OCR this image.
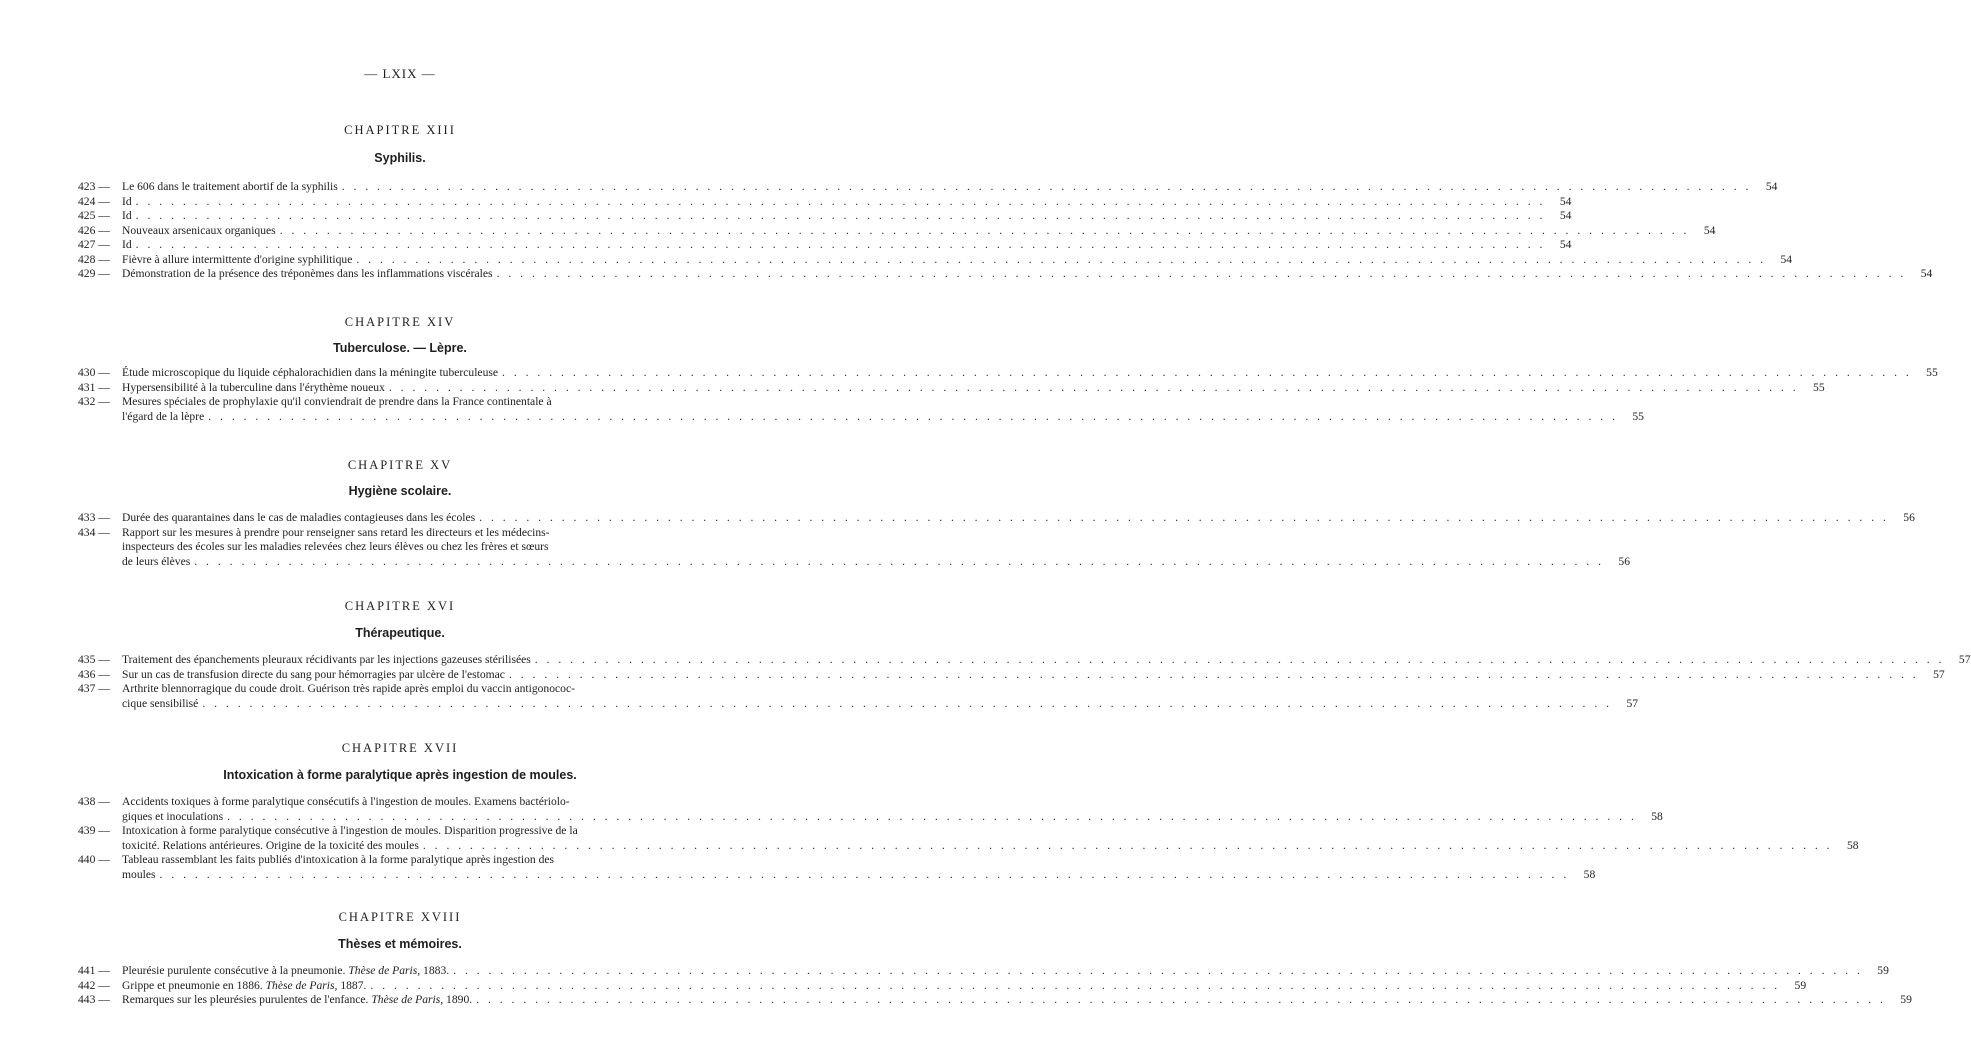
— LXIX —
CHAPITRE XIII
Syphilis.
423 —	Le 606 dans le traitement abortif de la syphilis . . .	54
424 —	Id . . .	54
425 —	Id . . .	54
426 —	Nouveaux arsenicaux organiques . . .	54
427 —	Id . . .	54
428 —	Fièvre à allure intermittente d'origine syphilitique . . .	54
429 —	Démonstration de la présence des tréponèmes dans les inflammations viscérales . . .	54
CHAPITRE XIV
Tuberculose. — Lèpre.
430 —	Étude microscopique du liquide céphalorachidien dans la méningite tuberculeuse . . .	55
431 —	Hypersensibilité à la tuberculine dans l'érythème noueux . . .	55
432 —	Mesures spéciales de prophylaxie qu'il conviendrait de prendre dans la France continentale à
l'égard de la lèpre . . .	55
CHAPITRE XV
Hygiène scolaire.
433 —	Durée des quarantaines dans le cas de maladies contagieuses dans les écoles . . .	56
434 —	Rapport sur les mesures à prendre pour renseigner sans retard les directeurs et les médecins-
inspecteurs des écoles sur les maladies relevées chez leurs élèves ou chez les frères et sœurs
de leurs élèves . . .	56
CHAPITRE XVI
Thérapeutique.
435 —	Traitement des épanchements pleuraux récidivants par les injections gazeuses stérilisées . . .	57
436 —	Sur un cas de transfusion directe du sang pour hémorragies par ulcère de l'estomac . . .	57
437 —	Arthrite blennorragique du coude droit. Guérison très rapide après emploi du vaccin antigonococ-
cique sensibilisé . . .	57
CHAPITRE XVII
Intoxication à forme paralytique après ingestion de moules.
438 —	Accidents toxiques à forme paralytique consécutifs à l'ingestion de moules. Examens bactériolo-
giques et inoculations . . .	58
439 —	Intoxication à forme paralytique consécutive à l'ingestion de moules. Disparition progressive de la
toxicité. Relations antérieures. Origine de la toxicité des moules . . .	58
440 —	Tableau rassemblant les faits publiés d'intoxication à la forme paralytique après ingestion des
moules . . .	58
CHAPITRE XVIII
Thèses et mémoires.
441 —	Pleurésie purulente consécutive à la pneumonie. Thèse de Paris, 1883. . . .	59
442 —	Grippe et pneumonie en 1886. Thèse de Paris, 1887. . . .	59
443 —	Remarques sur les pleurésies purulentes de l'enfance. Thèse de Paris, 1890. . . .	59
